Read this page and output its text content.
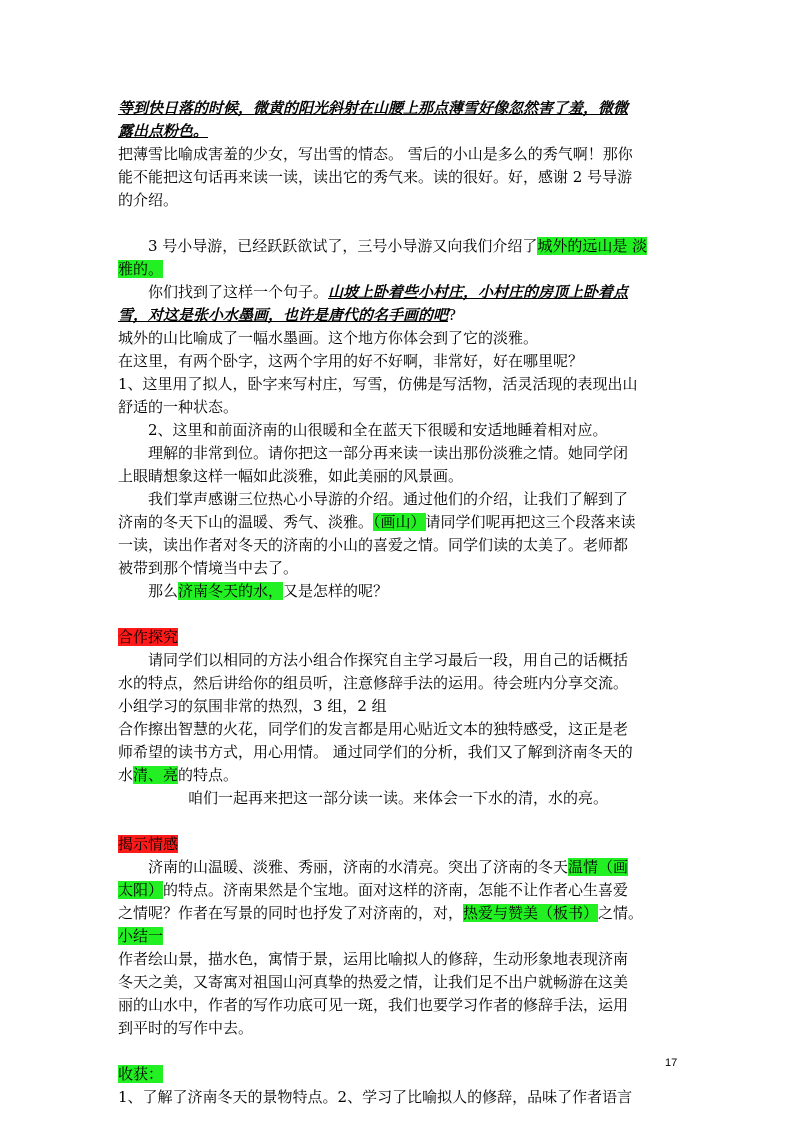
等到快日落的时候，微黄的阳光斜射在山腰上那点薄雪好像忽然害了羞，微微
露出点粉色。
把薄雪比喻成害羞的少女，写出雪的情态。 雪后的小山是多么的秀气啊！那你
能不能把这句话再来读一读，读出它的秀气来。读的很好。好，感谢 2 号导游
的介绍。
3 号小导游，已经跃跃欲试了，三号小导游又向我们介绍了城外的远山是 淡
雅的。
你们找到了这样一个句子。山坡上卧着些小村庄，小村庄的房顶上卧着点
雪，对这是张小水墨画，也许是唐代的名手画的吧?
城外的山比喻成了一幅水墨画。这个地方你体会到了它的淡雅。
在这里，有两个卧字，这两个字用的好不好啊，非常好，好在哪里呢？
1、这里用了拟人，卧字来写村庄，写雪，仿佛是写活物，活灵活现的表现出山
舒适的一种状态。
2、这里和前面济南的山很暖和全在蓝天下很暖和安适地睡着相对应。
理解的非常到位。请你把这一部分再来读一读出那份淡雅之情。她同学闭
上眼睛想象这样一幅如此淡雅，如此美丽的风景画。
我们掌声感谢三位热心小导游的介绍。通过他们的介绍，让我们了解到了
济南的冬天下山的温暖、秀气、淡雅。（画山）请同学们呢再把这三个段落来读
一读，读出作者对冬天的济南的小山的喜爱之情。同学们读的太美了。老师都
被带到那个情境当中去了。
那么济南冬天的水，又是怎样的呢？
合作探究
请同学们以相同的方法小组合作探究自主学习最后一段，用自己的话概括
水的特点，然后讲给你的组员听，注意修辞手法的运用。待会班内分享交流。
小组学习的氛围非常的热烈，3 组，2 组
合作擦出智慧的火花，同学们的发言都是用心贴近文本的独特感受，这正是老
师希望的读书方式，用心用情。 通过同学们的分析，我们又了解到济南冬天的
水清、亮的特点。
咱们一起再来把这一部分读一读。来体会一下水的清，水的亮。
揭示情感
济南的山温暖、淡雅、秀丽，济南的水清亮。突出了济南的冬天温情（画
太阳）的特点。济南果然是个宝地。面对这样的济南，怎能不让作者心生喜爱
之情呢？作者在写景的同时也抒发了对济南的，对，热爱与赞美（板书）之情。
小结一
作者绘山景，描水色，寓情于景，运用比喻拟人的修辞，生动形象地表现济南
冬天之美，又寄寓对祖国山河真挚的热爱之情，让我们足不出户就畅游在这美
丽的山水中，作者的写作功底可见一斑，我们也要学习作者的修辞手法，运用
到平时的写作中去。
收获：
1、了解了济南冬天的景物特点。2、学习了比喻拟人的修辞，品味了作者语言
17
